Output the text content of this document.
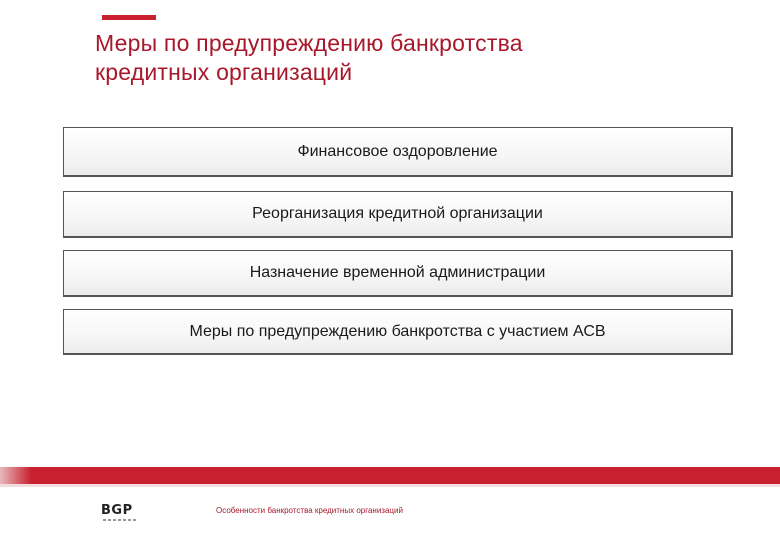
Меры по предупреждению банкротства
кредитных организаций
Финансовое оздоровление
Реорганизация кредитной организации
Назначение временной администрации
Меры по предупреждению банкротства с участием АСВ
BGP	Особенности банкротства кредитных организаций
